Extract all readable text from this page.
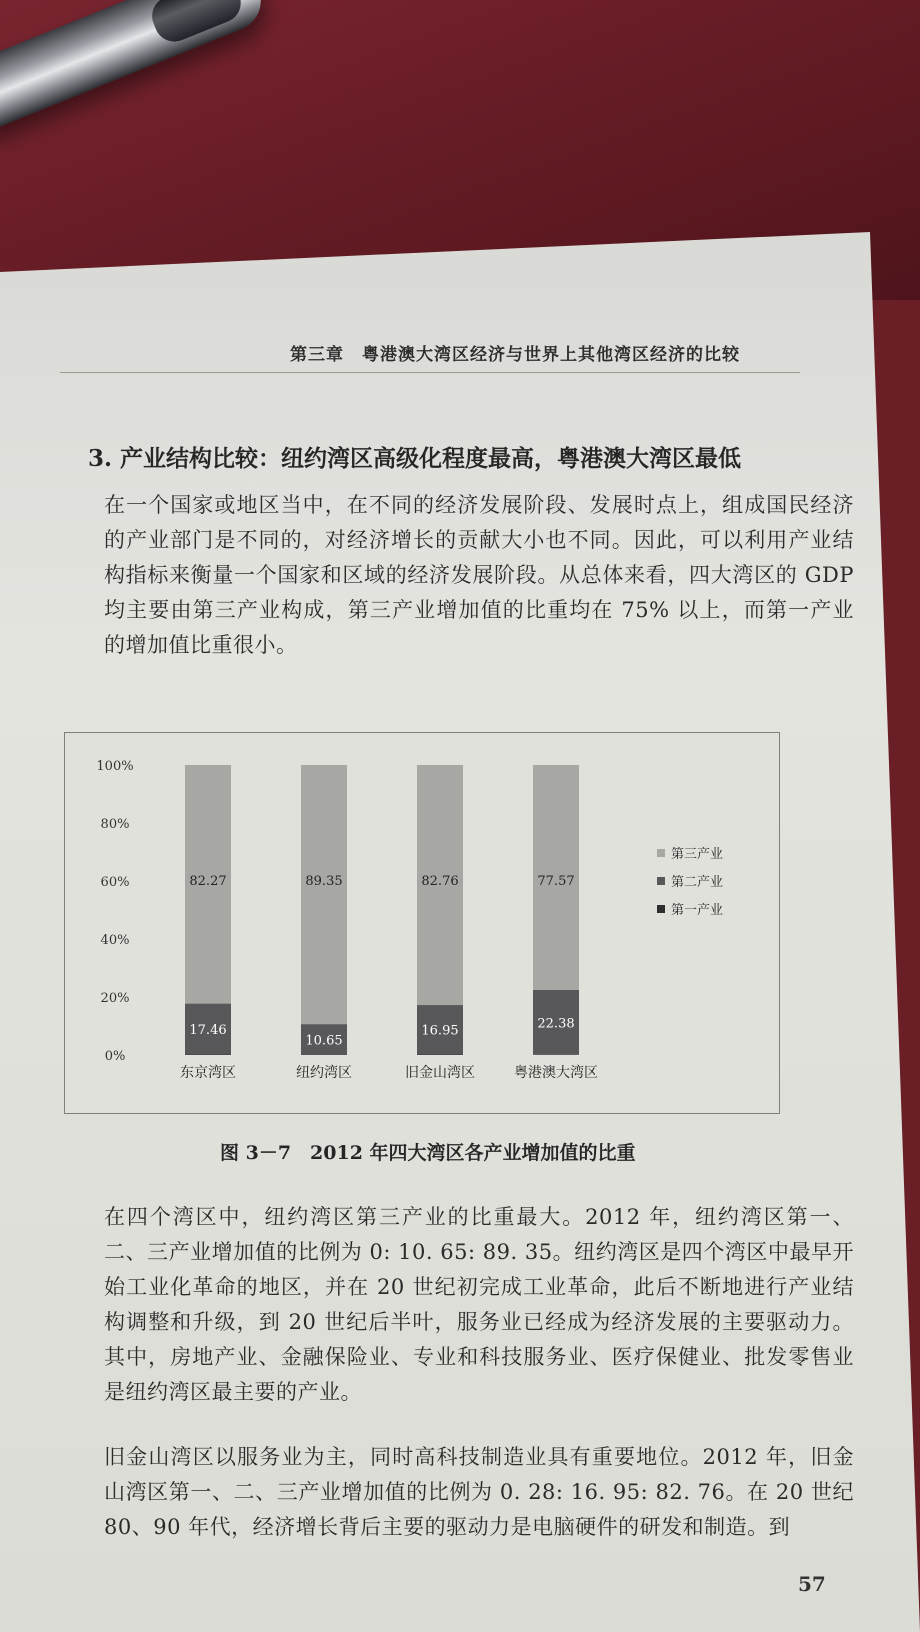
第三章　粤港澳大湾区经济与世界上其他湾区经济的比较
3. 产业结构比较：纽约湾区高级化程度最高，粤港澳大湾区最低
在一个国家或地区当中，在不同的经济发展阶段、发展时点上，组成国民经济的产业部门是不同的，对经济增长的贡献大小也不同。因此，可以利用产业结构指标来衡量一个国家和区域的经济发展阶段。从总体来看，四大湾区的 GDP 均主要由第三产业构成，第三产业增加值的比重均在 75% 以上，而第一产业的增加值比重很小。
0%
20%
40%
60%
80%
100%
17.46
82.27
东京湾区
10.65
89.35
纽约湾区
16.95
82.76
旧金山湾区
22.38
77.57
粤港澳大湾区
第三产业
第二产业
第一产业
图 3－7　2012 年四大湾区各产业增加值的比重
在四个湾区中，纽约湾区第三产业的比重最大。2012 年，纽约湾区第一、二、三产业增加值的比例为 0: 10. 65: 89. 35。纽约湾区是四个湾区中最早开始工业化革命的地区，并在 20 世纪初完成工业革命，此后不断地进行产业结构调整和升级，到 20 世纪后半叶，服务业已经成为经济发展的主要驱动力。其中，房地产业、金融保险业、专业和科技服务业、医疗保健业、批发零售业是纽约湾区最主要的产业。
旧金山湾区以服务业为主，同时高科技制造业具有重要地位。2012 年，旧金山湾区第一、二、三产业增加值的比例为 0. 28: 16. 95: 82. 76。在 20 世纪 80、90 年代，经济增长背后主要的驱动力是电脑硬件的研发和制造。到
57
